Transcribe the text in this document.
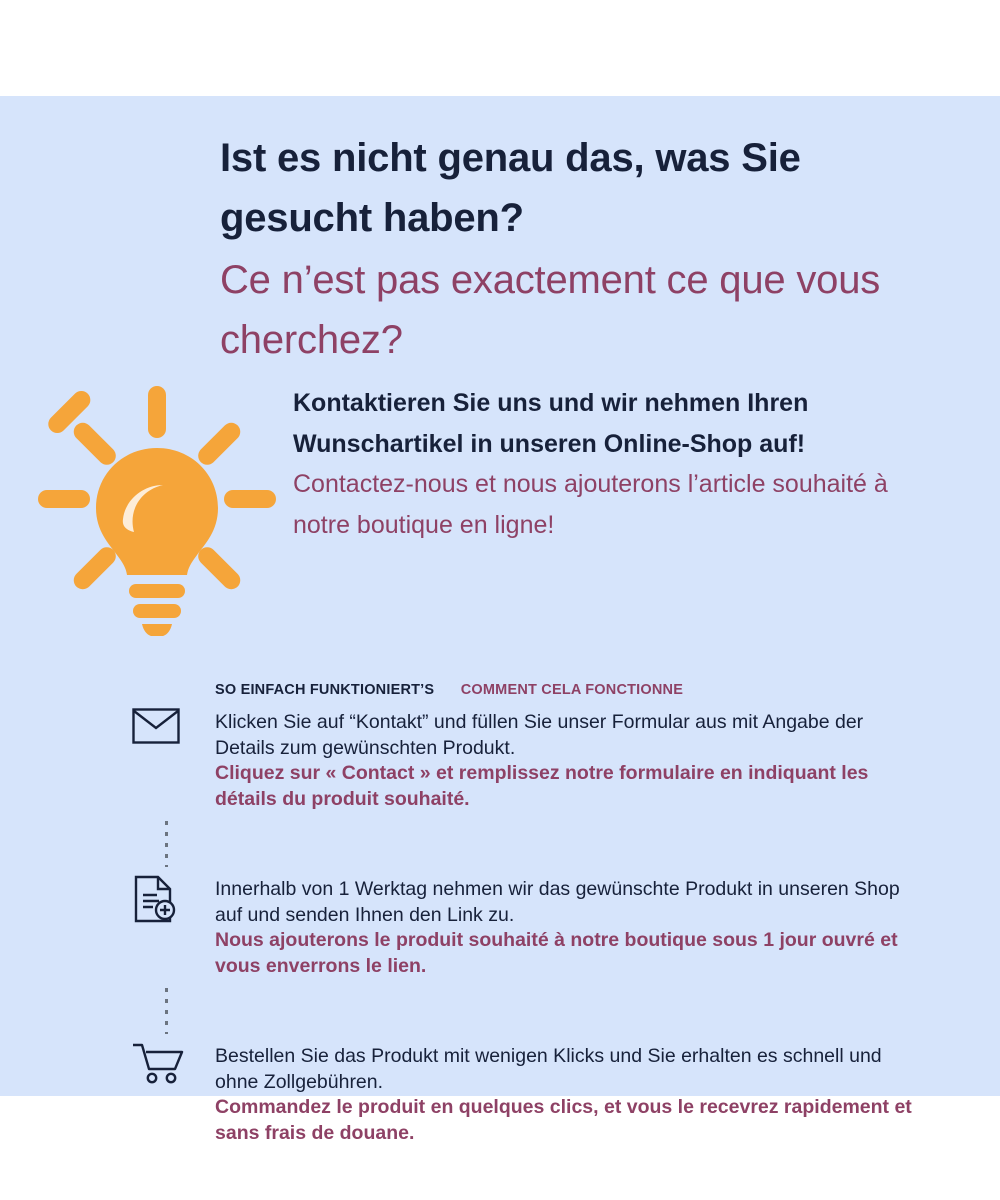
Ist es nicht genau das, was Sie gesucht haben?
Ce n’est pas exactement ce que vous cherchez?
Kontaktieren Sie uns und wir nehmen Ihren Wunschartikel in unseren Online-Shop auf!
Contactez-nous et nous ajouterons l’article souhaité à notre boutique en ligne!
SO EINFACH FUNKTIONIERT’S COMMENT CELA FONCTIONNE
Klicken Sie auf “Kontakt” und füllen Sie unser Formular aus mit Angabe der Details zum gewünschten Produkt.
Cliquez sur « Contact » et remplissez notre formulaire en indiquant les détails du produit souhaité.
Innerhalb von 1 Werktag nehmen wir das gewünschte Produkt in unseren Shop auf und senden Ihnen den Link zu.
Nous ajouterons le produit souhaité à notre boutique sous 1 jour ouvré et vous enverrons le lien.
Bestellen Sie das Produkt mit wenigen Klicks und Sie erhalten es schnell und ohne Zollgebühren.
Commandez le produit en quelques clics, et vous le recevrez rapidement et sans frais de douane.
